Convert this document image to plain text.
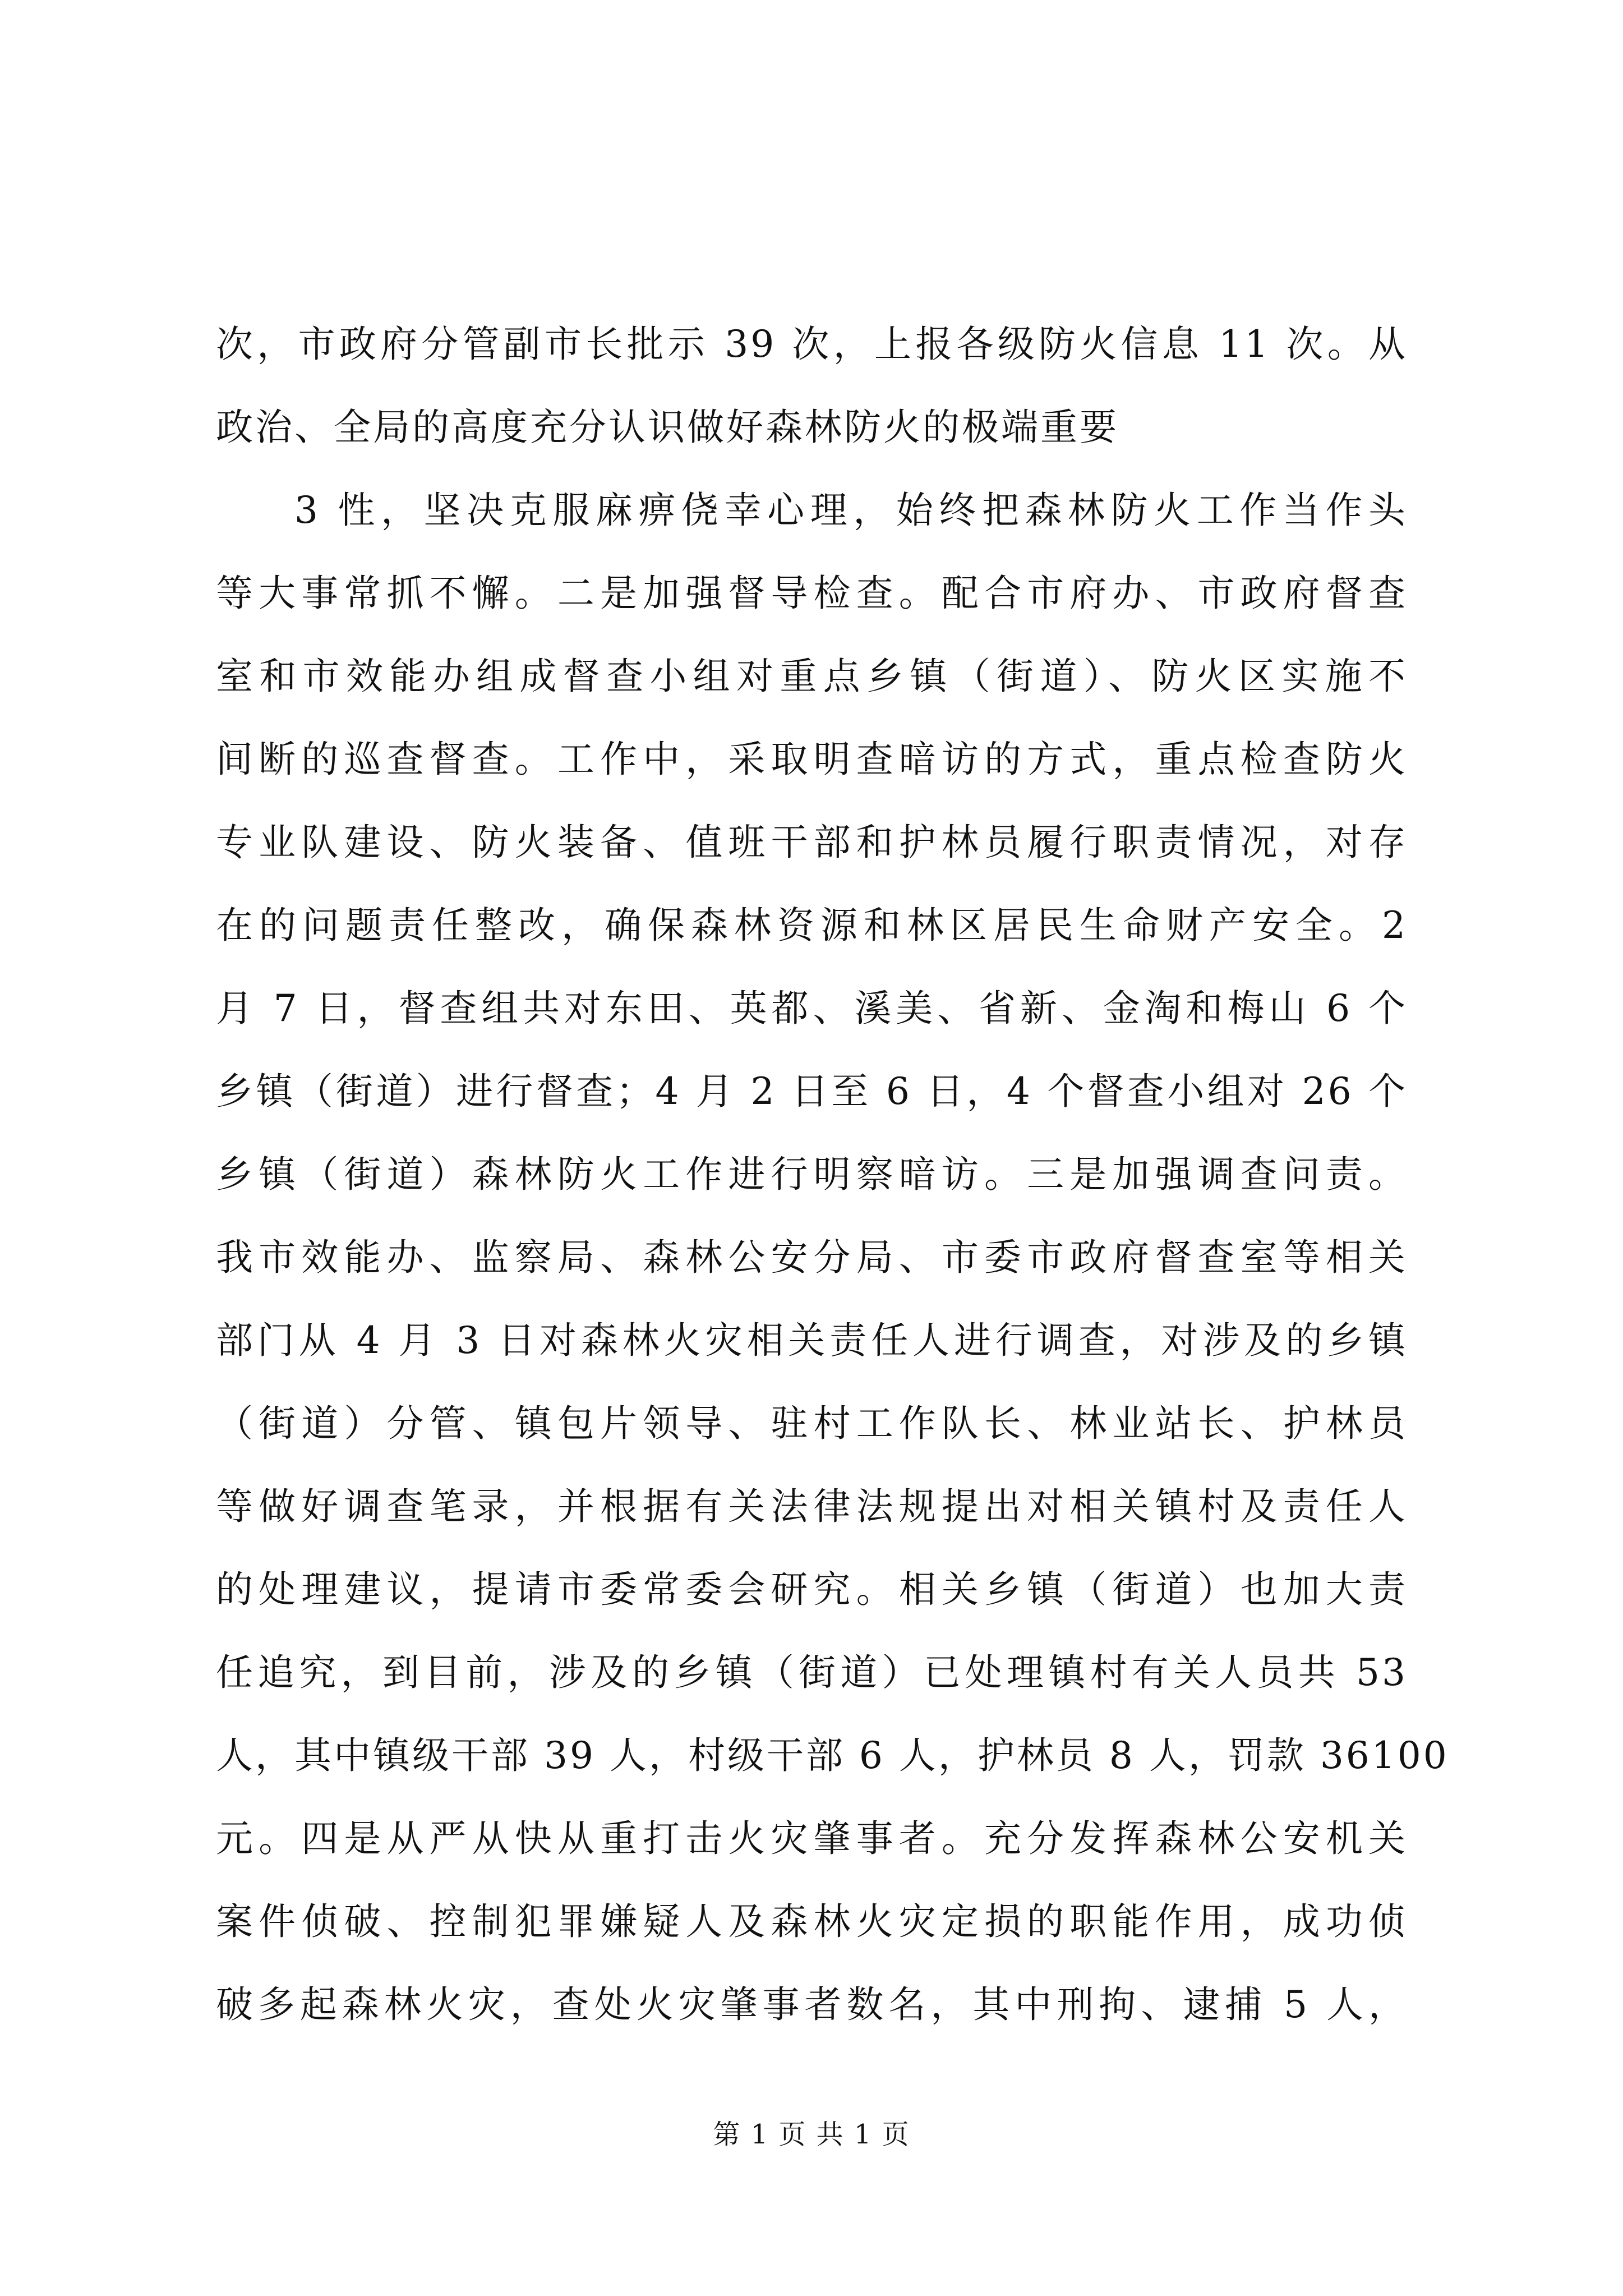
次，市政府分管副市长批示 39 次，上报各级防火信息 11 次。从
政治、全局的高度充分认识做好森林防火的极端重要
3 性，坚决克服麻痹侥幸心理，始终把森林防火工作当作头
等大事常抓不懈。二是加强督导检查。配合市府办、市政府督查
室和市效能办组成督查小组对重点乡镇（街道）、防火区实施不
间断的巡查督查。工作中，采取明查暗访的方式，重点检查防火
专业队建设、防火装备、值班干部和护林员履行职责情况，对存
在的问题责任整改，确保森林资源和林区居民生命财产安全。2
月 7 日，督查组共对东田、英都、溪美、省新、金淘和梅山 6 个
乡镇（街道）进行督查；4 月 2 日至 6 日，4 个督查小组对 26 个
乡镇（街道）森林防火工作进行明察暗访。三是加强调查问责。
我市效能办、监察局、森林公安分局、市委市政府督查室等相关
部门从 4 月 3 日对森林火灾相关责任人进行调查，对涉及的乡镇
（街道）分管、镇包片领导、驻村工作队长、林业站长、护林员
等做好调查笔录，并根据有关法律法规提出对相关镇村及责任人
的处理建议，提请市委常委会研究。相关乡镇（街道）也加大责
任追究，到目前，涉及的乡镇（街道）已处理镇村有关人员共 53
人，其中镇级干部 39 人，村级干部 6 人，护林员 8 人，罚款 36100
元。四是从严从快从重打击火灾肇事者。充分发挥森林公安机关
案件侦破、控制犯罪嫌疑人及森林火灾定损的职能作用，成功侦
破多起森林火灾，查处火灾肇事者数名，其中刑拘、逮捕 5 人，
第 1 页 共 1 页
